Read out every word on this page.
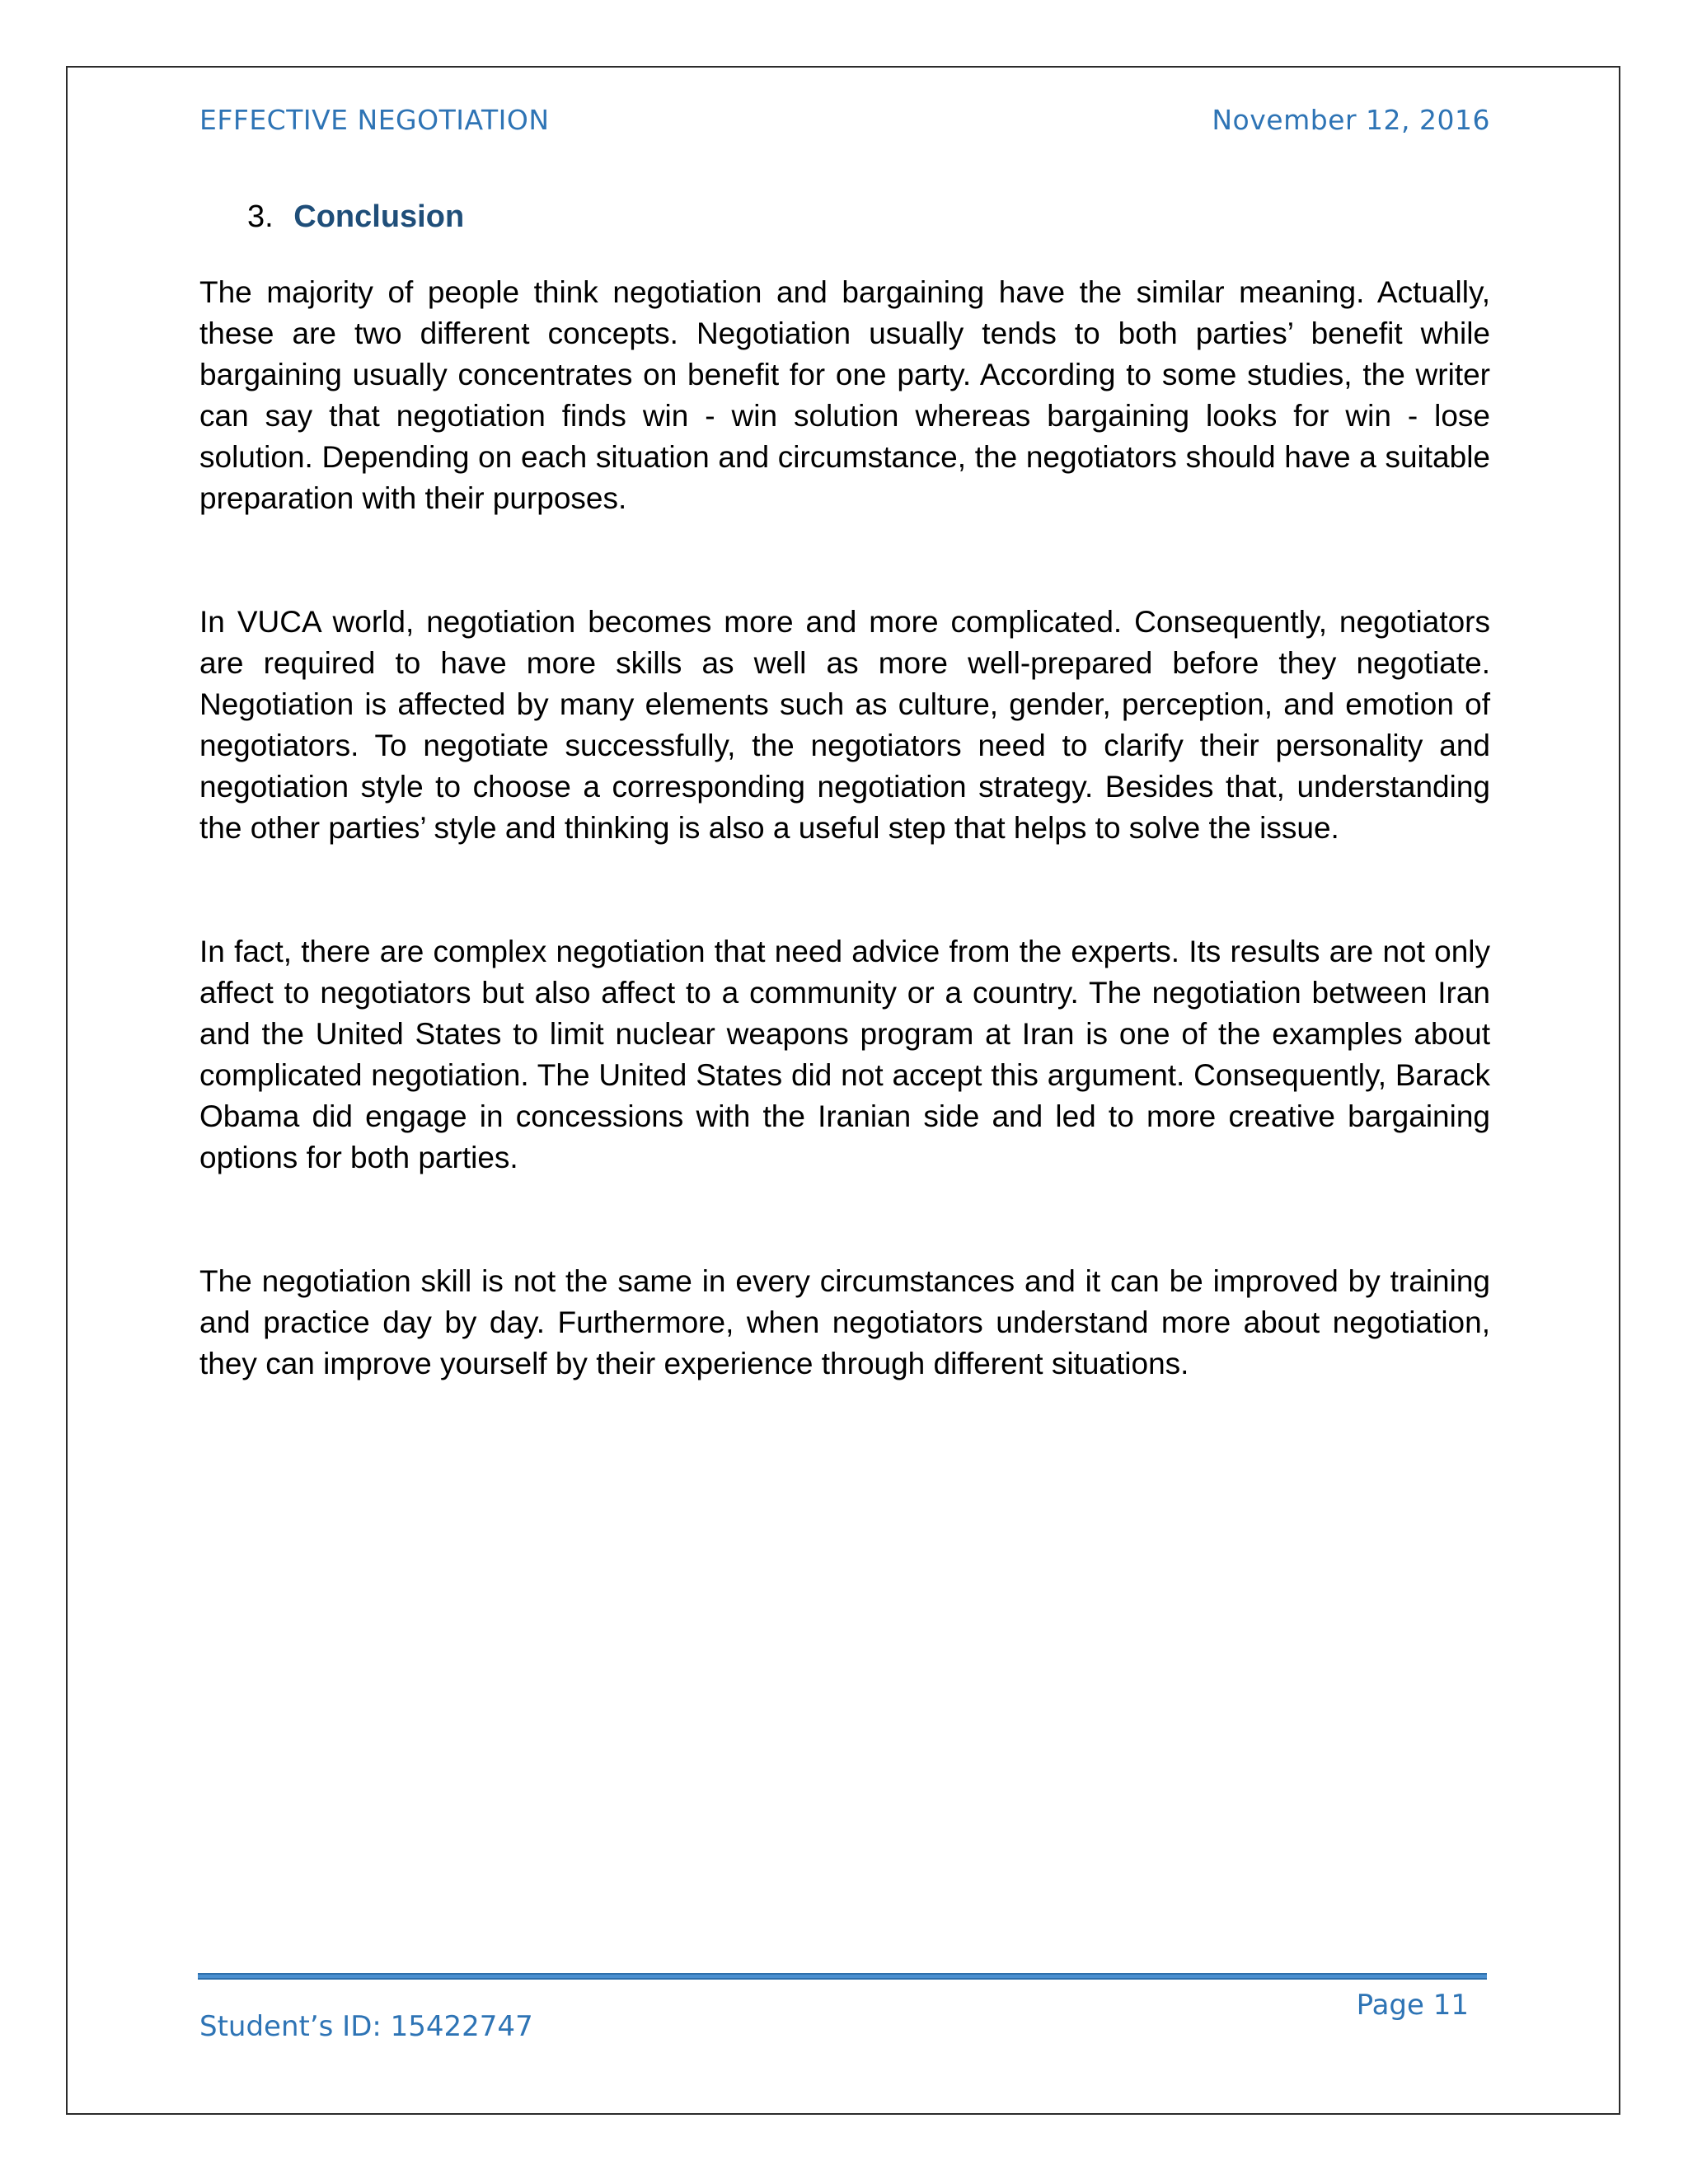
EFFECTIVE NEGOTIATION	November 12, 2016
3. Conclusion

The majority of people think negotiation and bargaining have the similar meaning. Actually, these are two different concepts. Negotiation usually tends to both parties’ benefit while bargaining usually concentrates on benefit for one party. According to some studies, the writer can say that negotiation finds win - win solution whereas bargaining looks for win - lose solution. Depending on each situation and circumstance, the negotiators should have a suitable preparation with their purposes.

In VUCA world, negotiation becomes more and more complicated. Consequently, negotiators are required to have more skills as well as more well-prepared before they negotiate. Negotiation is affected by many elements such as culture, gender, perception, and emotion of negotiators. To negotiate successfully, the negotiators need to clarify their personality and negotiation style to choose a corresponding negotiation strategy. Besides that, understanding the other parties’ style and thinking is also a useful step that helps to solve the issue.

In fact, there are complex negotiation that need advice from the experts. Its results are not only affect to negotiators but also affect to a community or a country. The negotiation between Iran and the United States to limit nuclear weapons program at Iran is one of the examples about complicated negotiation. The United States did not accept this argument. Consequently, Barack Obama did engage in concessions with the Iranian side and led to more creative bargaining options for both parties.

The negotiation skill is not the same in every circumstances and it can be improved by training and practice day by day. Furthermore, when negotiators understand more about negotiation, they can improve yourself by their experience through different situations.

Student’s ID: 15422747
Page 11
